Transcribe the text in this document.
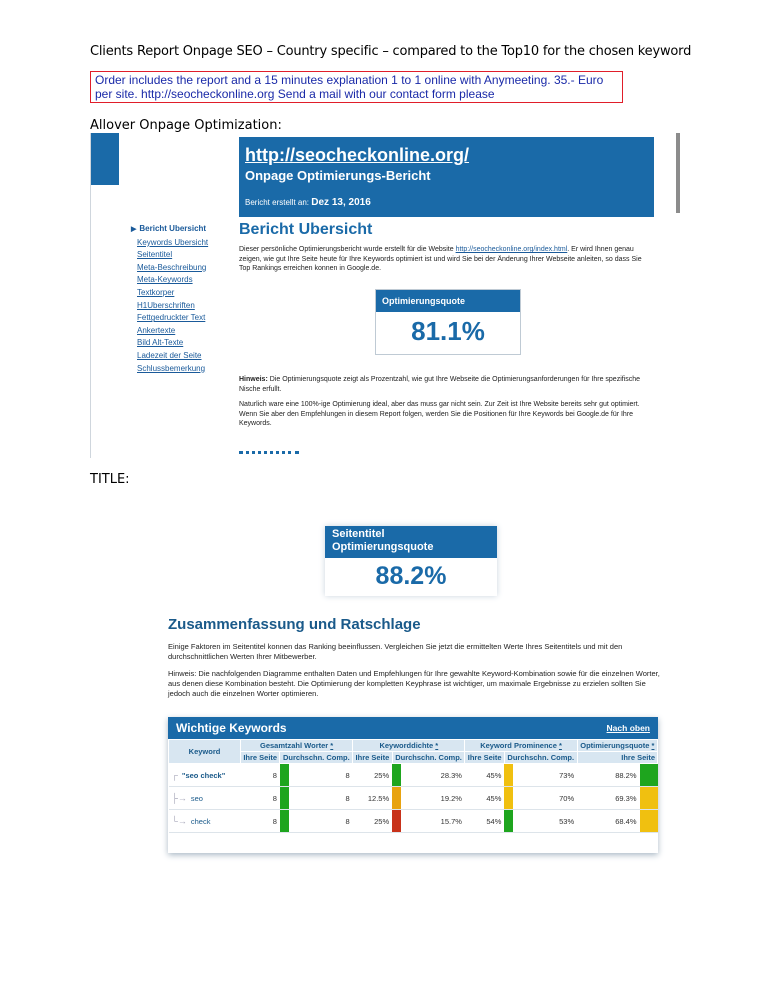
Clients Report Onpage SEO – Country specific – compared to the Top10 for the chosen keyword
Order includes the report and a 15 minutes explanation 1 to 1 online with Anymeeting. 35.- Euro per site. http://seocheckonline.org Send a mail with our contact form please
Allover Onpage Optimization:
http://seocheckonline.org/
Onpage Optimierungs-Bericht
Bericht erstellt an: Dez 13, 2016
▶ Bericht Ubersicht
Keywords Ubersicht
Seitentitel
Meta-Beschreibung
Meta-Keywords
Textkorper
H1Uberschriften
Fettgedruckter Text
Ankertexte
Bild Alt-Texte
Ladezeit der Seite
Schlussbemerkung
Bericht Ubersicht
Dieser persönliche Optimierungsbericht wurde erstellt für die Website http://seocheckonline.org/index.html. Er wird Ihnen genau zeigen, wie gut Ihre Seite heute für Ihre Keywords optimiert ist und wird Sie bei der Änderung Ihrer Webseite anleiten, so dass Sie Top Rankings erreichen konnen in Google.de.
Optimierungsquote
81.1%
Hinweis: Die Optimierungsquote zeigt als Prozentzahl, wie gut Ihre Webseite die Optimierungsanforderungen für Ihre spezifische Nische erfullt.
Naturlich ware eine 100%-ige Optimierung ideal, aber das muss gar nicht sein. Zur Zeit ist Ihre Website bereits sehr gut optimiert. Wenn Sie aber den Empfehlungen in diesem Report folgen, werden Sie die Positionen für Ihre Keywords bei Google.de für Ihre Keywords.
TITLE:
Seitentitel
Optimierungsquote
88.2%
Zusammenfassung und Ratschlage
Einige Faktoren im Seitentitel konnen das Ranking beeinflussen. Vergleichen Sie jetzt die ermittelten Werte Ihres Seitentitels und mit den durchschnittlichen Werten Ihrer Mitbewerber.
Hinweis: Die nachfolgenden Diagramme enthalten Daten und Empfehlungen für Ihre gewahlte Keyword-Kombination sowie für die einzelnen Worter, aus denen diese Kombination besteht. Die Optimierung der kompletten Keyphrase ist wichtiger, um maximale Ergebnisse zu erzielen sollten Sie jedoch auch die einzelnen Worter optimieren.
Wichtige Keywords	Nach oben
Keyword	Gesamtzahl Worter *			Keyworddichte *			Keyword Prominence *			Optimierungsquote *	
	Ihre Seite	Durchschn. Comp.		Ihre Seite	Durchschn. Comp.		Ihre Seite	Durchschn. Comp.		Ihre Seite	
┌ "seo check"	8		8	25%		28.3%	45%		73%	88.2%	
├→ seo	8		8	12.5%		19.2%	45%		70%	69.3%	
└→ check	8		8	25%		15.7%	54%		53%	68.4%	
